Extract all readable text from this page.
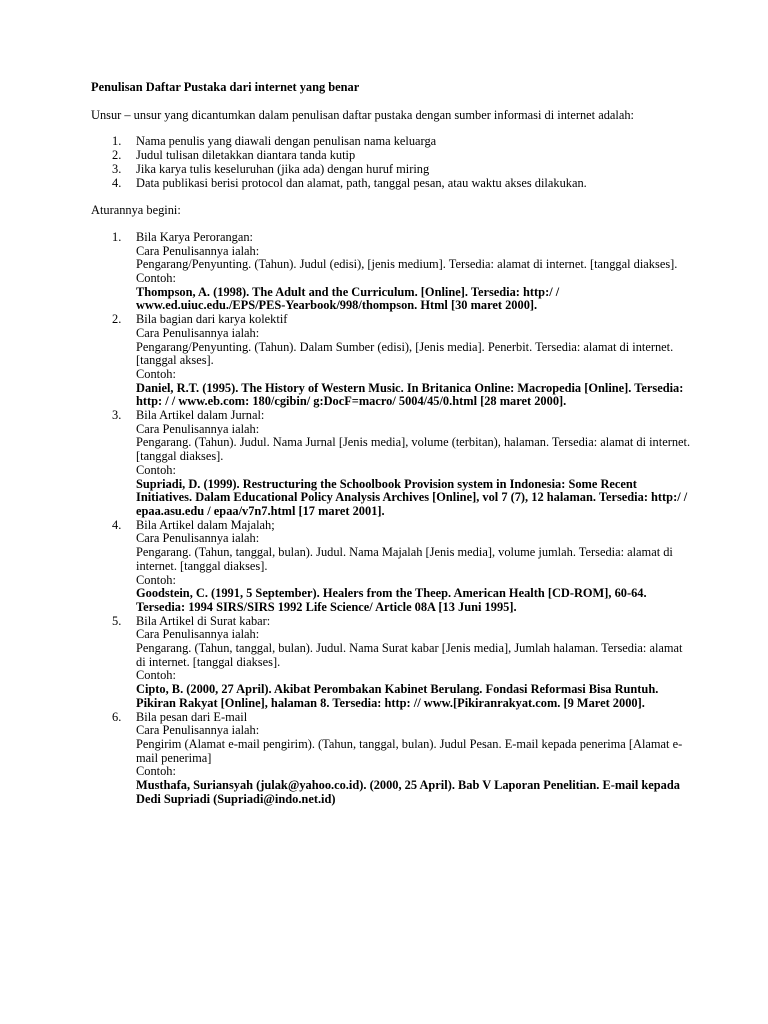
Penulisan Daftar Pustaka dari internet yang benar

Unsur – unsur yang dicantumkan dalam penulisan daftar pustaka dengan sumber informasi di internet adalah:

1. Nama penulis yang diawali dengan penulisan nama keluarga
2. Judul tulisan diletakkan diantara tanda kutip
3. Jika karya tulis keseluruhan (jika ada) dengan huruf miring
4. Data publikasi berisi protocol dan alamat, path, tanggal pesan, atau waktu akses dilakukan.

Aturannya begini:

1. Bila Karya Perorangan:
Cara Penulisannya ialah:
Pengarang/Penyunting. (Tahun). Judul (edisi), [jenis medium]. Tersedia: alamat di internet. [tanggal diakses].
Contoh:
Thompson, A. (1998). The Adult and the Curriculum. [Online]. Tersedia: http:/ / www.ed.uiuc.edu./EPS/PES-Yearbook/998/thompson. Html [30 maret 2000].
2. Bila bagian dari karya kolektif
Cara Penulisannya ialah:
Pengarang/Penyunting. (Tahun). Dalam Sumber (edisi), [Jenis media]. Penerbit. Tersedia: alamat di internet. [tanggal akses].
Contoh:
Daniel, R.T. (1995). The History of Western Music. In Britanica Online: Macropedia [Online]. Tersedia: http: / / www.eb.com: 180/cgibin/ g:DocF=macro/ 5004/45/0.html [28 maret 2000].
3. Bila Artikel dalam Jurnal:
Cara Penulisannya ialah:
Pengarang. (Tahun). Judul. Nama Jurnal [Jenis media], volume (terbitan), halaman. Tersedia: alamat di internet. [tanggal diakses].
Contoh:
Supriadi, D. (1999). Restructuring the Schoolbook Provision system in Indonesia: Some Recent Initiatives. Dalam Educational Policy Analysis Archives [Online], vol 7 (7), 12 halaman. Tersedia: http:/ / epaa.asu.edu / epaa/v7n7.html [17 maret 2001].
4. Bila Artikel dalam Majalah;
Cara Penulisannya ialah:
Pengarang. (Tahun, tanggal, bulan). Judul. Nama Majalah [Jenis media], volume jumlah. Tersedia: alamat di internet. [tanggal diakses].
Contoh:
Goodstein, C. (1991, 5 September). Healers from the Theep. American Health [CD-ROM], 60-64. Tersedia: 1994 SIRS/SIRS 1992 Life Science/ Article 08A [13 Juni 1995].
5. Bila Artikel di Surat kabar:
Cara Penulisannya ialah:
Pengarang. (Tahun, tanggal, bulan). Judul. Nama Surat kabar [Jenis media], Jumlah halaman. Tersedia: alamat di internet. [tanggal diakses].
Contoh:
Cipto, B. (2000, 27 April). Akibat Perombakan Kabinet Berulang. Fondasi Reformasi Bisa Runtuh. Pikiran Rakyat [Online], halaman 8. Tersedia: http: // www.[Pikiranrakyat.com. [9 Maret 2000].
6. Bila pesan dari E-mail
Cara Penulisannya ialah:
Pengirim (Alamat e-mail pengirim). (Tahun, tanggal, bulan). Judul Pesan. E-mail kepada penerima [Alamat e-mail penerima]
Contoh:
Musthafa, Suriansyah (julak@yahoo.co.id). (2000, 25 April). Bab V Laporan Penelitian. E-mail kepada Dedi Supriadi (Supriadi@indo.net.id)
